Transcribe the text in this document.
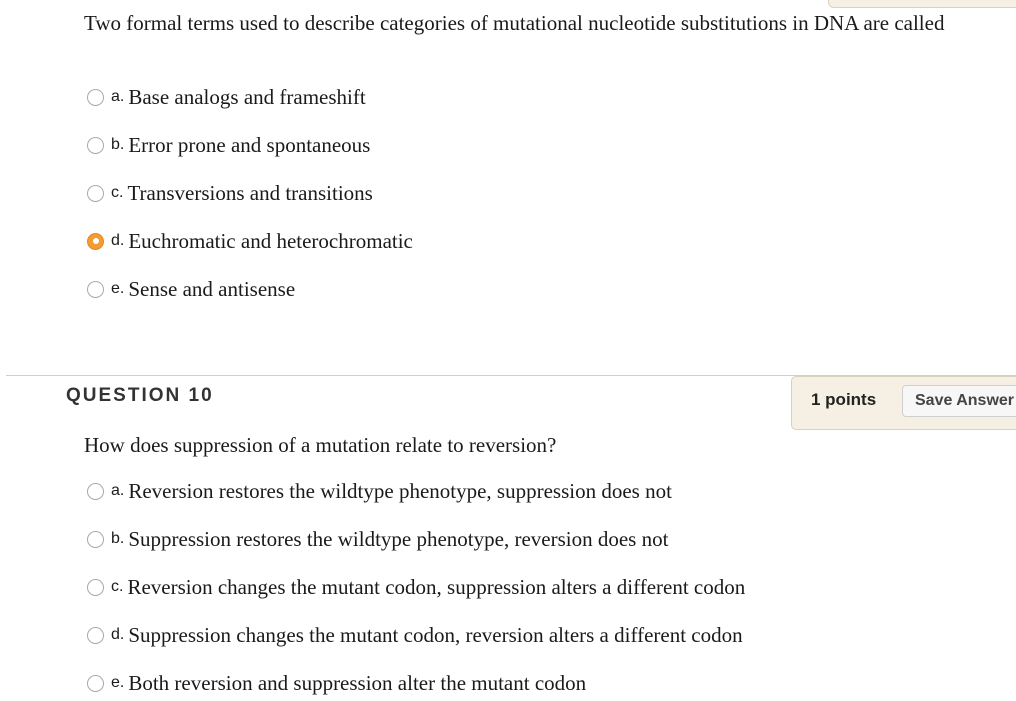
Two formal terms used to describe categories of mutational nucleotide substitutions in DNA are called

a. Base analogs and frameshift
b. Error prone and spontaneous
c. Transversions and transitions
d. Euchromatic and heterochromatic
e. Sense and antisense
QUESTION 10	1 points	Save Answer

How does suppression of a mutation relate to reversion?

a. Reversion restores the wildtype phenotype, suppression does not
b. Suppression restores the wildtype phenotype, reversion does not
c. Reversion changes the mutant codon, suppression alters a different codon
d. Suppression changes the mutant codon, reversion alters a different codon
e. Both reversion and suppression alter the mutant codon
